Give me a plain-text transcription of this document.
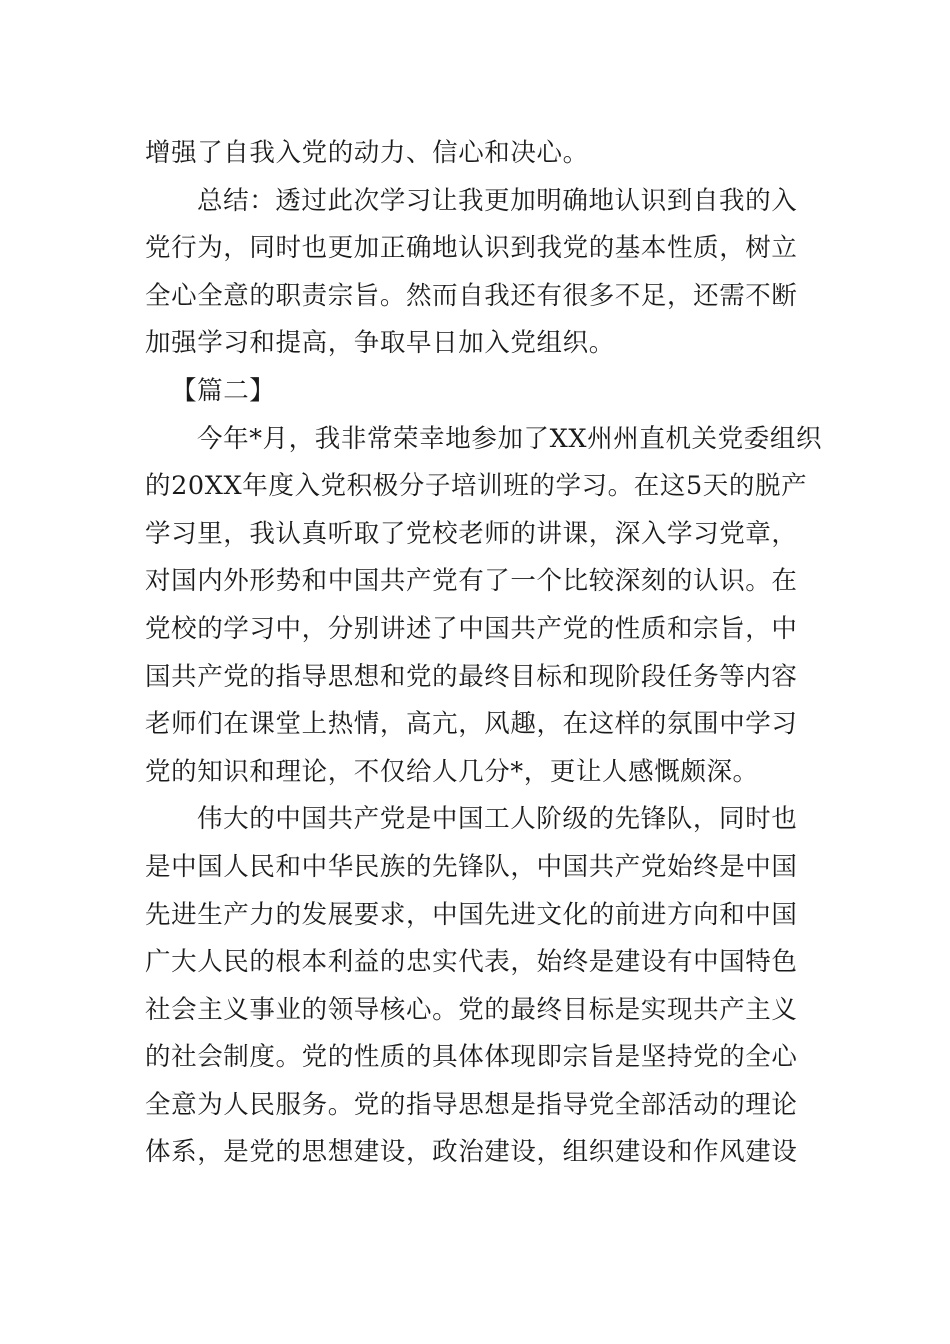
增强了自我入党的动力、信心和决心。
总结：透过此次学习让我更加明确地认识到自我的入
党行为，同时也更加正确地认识到我党的基本性质，树立
全心全意的职责宗旨。然而自我还有很多不足，还需不断
加强学习和提高，争取早日加入党组织。
【篇二】
今年*月，我非常荣幸地参加了XX州州直机关党委组织
的20XX年度入党积极分子培训班的学习。在这5天的脱产
学习里，我认真听取了党校老师的讲课，深入学习党章，
对国内外形势和中国共产党有了一个比较深刻的认识。在
党校的学习中，分别讲述了中国共产党的性质和宗旨，中
国共产党的指导思想和党的最终目标和现阶段任务等内容
老师们在课堂上热情，高亢，风趣，在这样的氛围中学习
党的知识和理论，不仅给人几分*，更让人感慨颇深。
伟大的中国共产党是中国工人阶级的先锋队，同时也
是中国人民和中华民族的先锋队，中国共产党始终是中国
先进生产力的发展要求，中国先进文化的前进方向和中国
广大人民的根本利益的忠实代表，始终是建设有中国特色
社会主义事业的领导核心。党的最终目标是实现共产主义
的社会制度。党的性质的具体体现即宗旨是坚持党的全心
全意为人民服务。党的指导思想是指导党全部活动的理论
体系，是党的思想建设，政治建设，组织建设和作风建设
